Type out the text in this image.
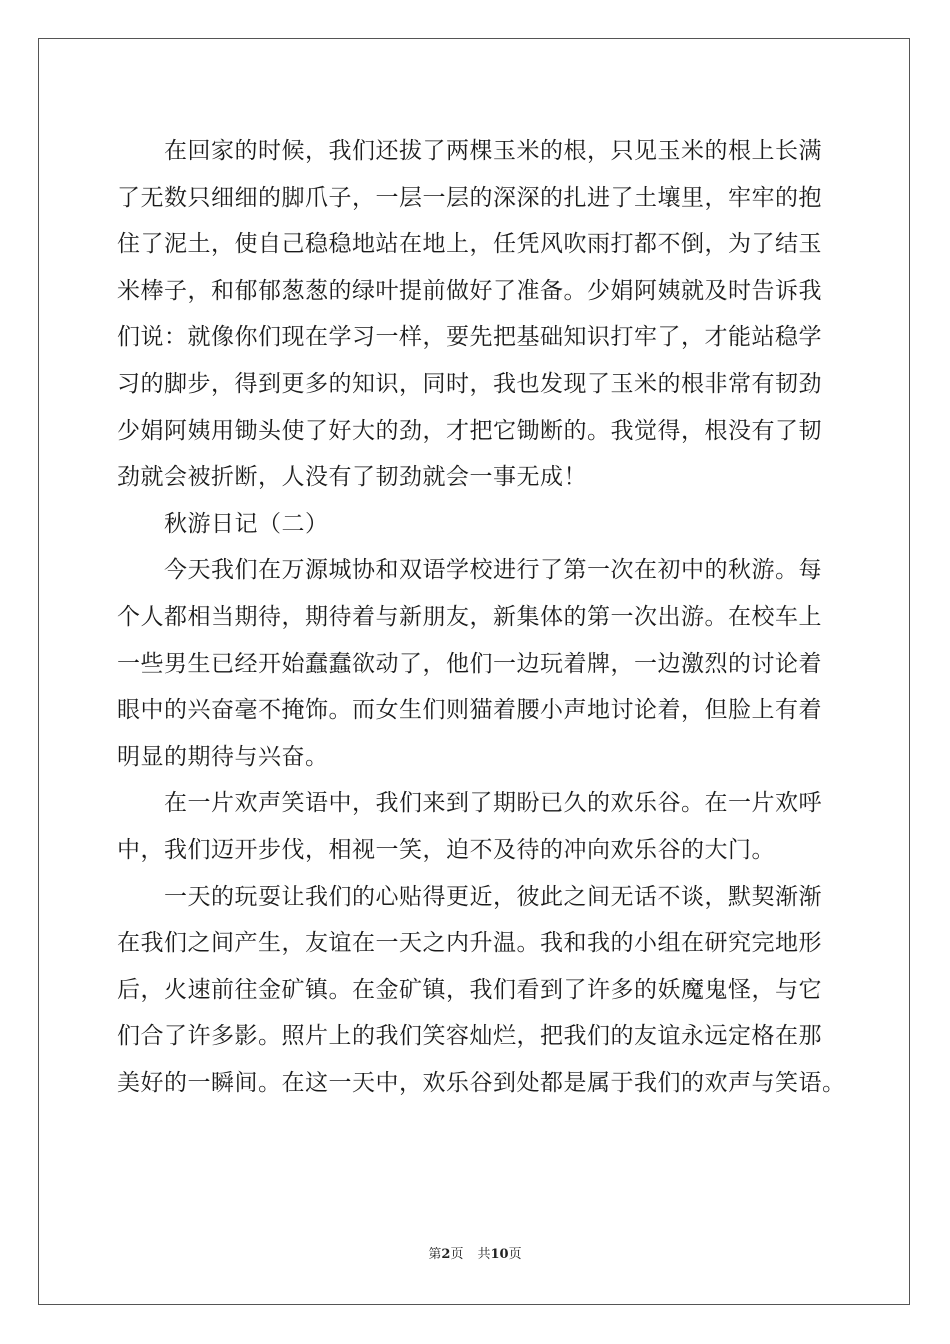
在回家的时候，我们还拔了两棵玉米的根，只见玉米的根上长满
了无数只细细的脚爪子，一层一层的深深的扎进了土壤里，牢牢的抱
住了泥土，使自己稳稳地站在地上，任凭风吹雨打都不倒，为了结玉
米棒子，和郁郁葱葱的绿叶提前做好了准备。少娟阿姨就及时告诉我
们说：就像你们现在学习一样，要先把基础知识打牢了，才能站稳学
习的脚步，得到更多的知识，同时，我也发现了玉米的根非常有韧劲
少娟阿姨用锄头使了好大的劲，才把它锄断的。我觉得，根没有了韧
劲就会被折断，人没有了韧劲就会一事无成！
秋游日记（二）
今天我们在万源城协和双语学校进行了第一次在初中的秋游。每
个人都相当期待，期待着与新朋友，新集体的第一次出游。在校车上
一些男生已经开始蠢蠢欲动了，他们一边玩着牌，一边激烈的讨论着
眼中的兴奋毫不掩饰。而女生们则猫着腰小声地讨论着，但脸上有着
明显的期待与兴奋。
在一片欢声笑语中，我们来到了期盼已久的欢乐谷。在一片欢呼
中，我们迈开步伐，相视一笑，迫不及待的冲向欢乐谷的大门。
一天的玩耍让我们的心贴得更近，彼此之间无话不谈，默契渐渐
在我们之间产生，友谊在一天之内升温。我和我的小组在研究完地形
后，火速前往金矿镇。在金矿镇，我们看到了许多的妖魔鬼怪，与它
们合了许多影。照片上的我们笑容灿烂，把我们的友谊永远定格在那
美好的一瞬间。在这一天中，欢乐谷到处都是属于我们的欢声与笑语。
第2页 共10页
